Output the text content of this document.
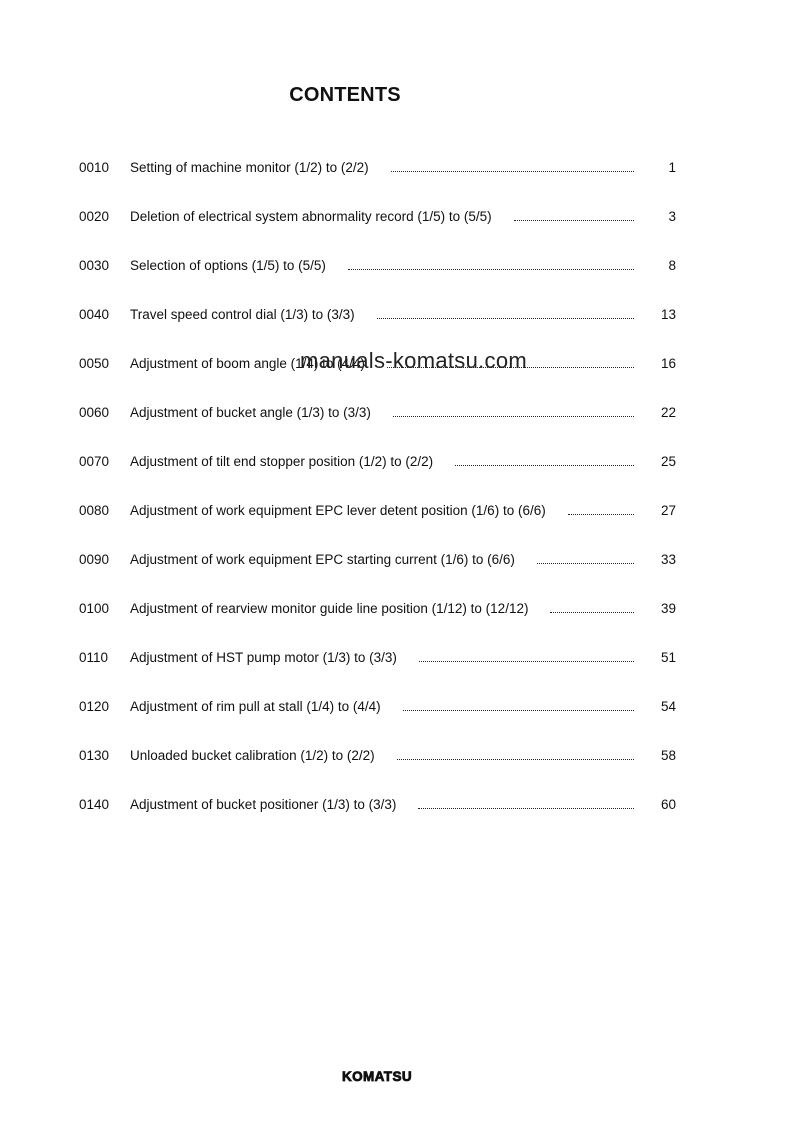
CONTENTS
0010 Setting of machine monitor (1/2) to (2/2)	1
0020 Deletion of electrical system abnormality record (1/5) to (5/5)	3
0030 Selection of options (1/5) to (5/5)	8
0040 Travel speed control dial (1/3) to (3/3)	13
0050 Adjustment of boom angle (1/4) to (4/4)	16
0060 Adjustment of bucket angle (1/3) to (3/3)	22
0070 Adjustment of tilt end stopper position (1/2) to (2/2)	25
0080 Adjustment of work equipment EPC lever detent position (1/6) to (6/6)	27
0090 Adjustment of work equipment EPC starting current (1/6) to (6/6)	33
0100 Adjustment of rearview monitor guide line position (1/12) to (12/12)	39
0110 Adjustment of HST pump motor (1/3) to (3/3)	51
0120 Adjustment of rim pull at stall (1/4) to (4/4)	54
0130 Unloaded bucket calibration (1/2) to (2/2)	58
0140 Adjustment of bucket positioner (1/3) to (3/3)	60
manuals-komatsu.com
KOMATSU
